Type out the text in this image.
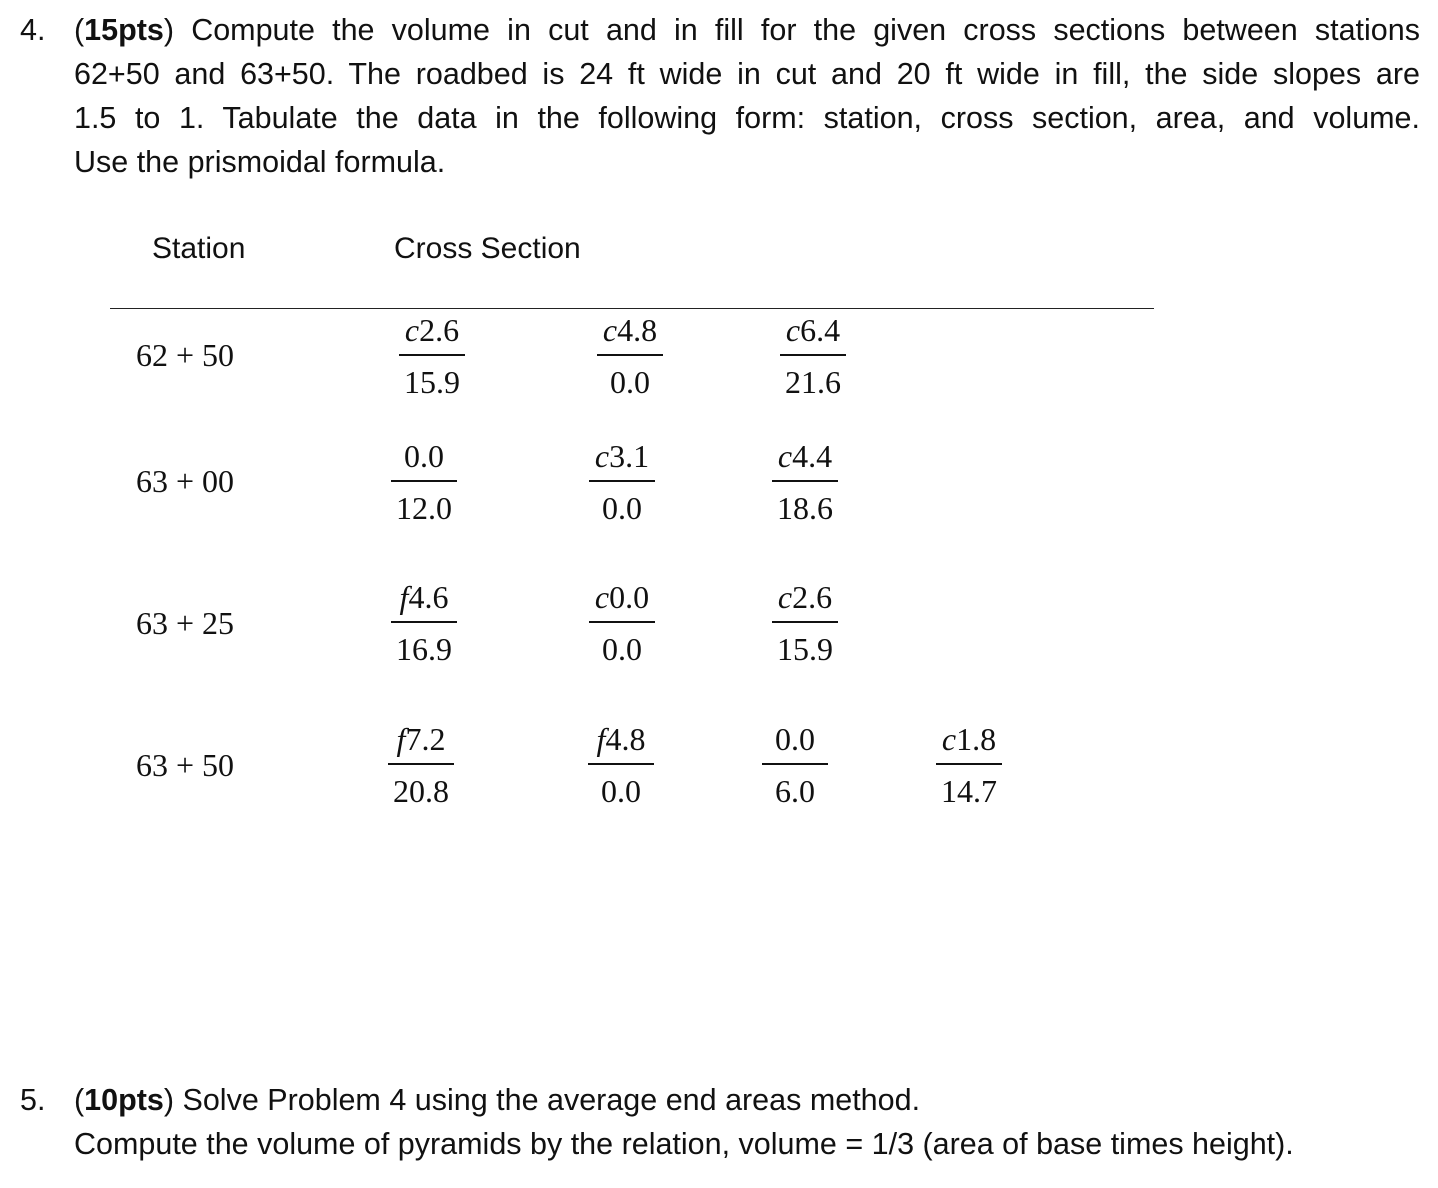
4. (15pts) Compute the volume in cut and in fill for the given cross sections between stations

62+50 and 63+50. The roadbed is 24 ft wide in cut and 20 ft wide in fill, the side slopes are

1.5 to 1. Tabulate the data in the following form: station, cross section, area, and volume.

Use the prismoidal formula.

Station	Cross Section
62 + 50
63 + 00
63 + 25
63 + 50
c2.6
15.9
c4.8
0.0
c6.4
21.6
0.0
12.0
c3.1
0.0
c4.4
18.6
f4.6
16.9
c0.0
0.0
c2.6
15.9
f7.2
20.8
f4.8
0.0
0.0
6.0
c1.8
14.7
5. (10pts) Solve Problem 4 using the average end areas method.

Compute the volume of pyramids by the relation, volume = 1/3 (area of base times height).
